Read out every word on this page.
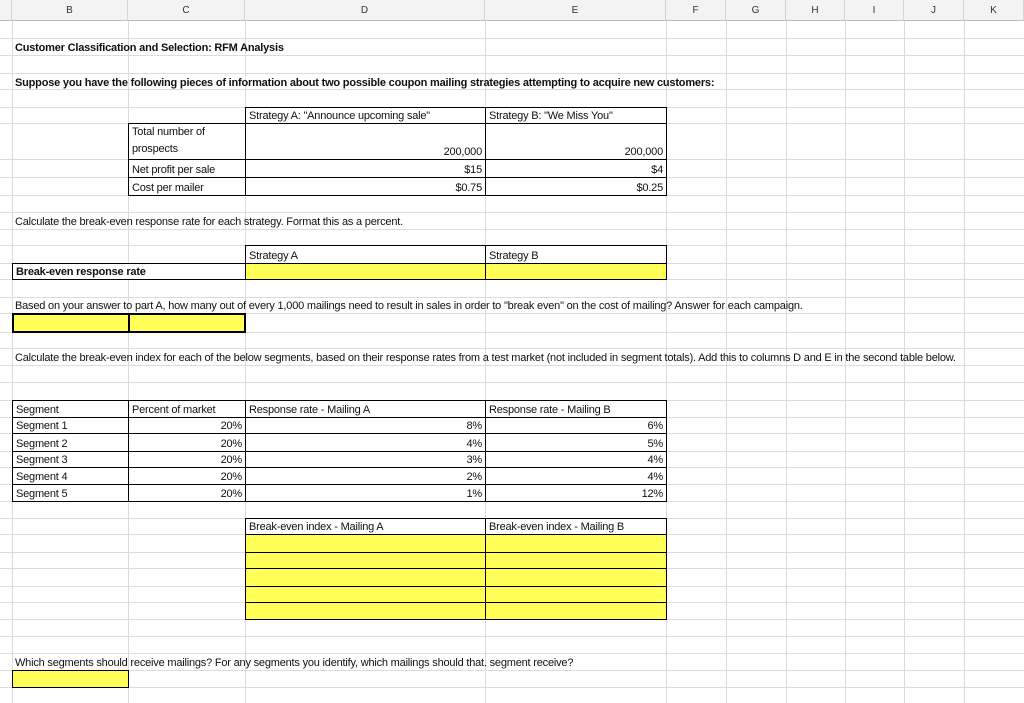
B	C	D	E	F	G	H	I	J	K
Customer Classification and Selection: RFM Analysis
Suppose you have the following pieces of information about two possible coupon mailing strategies attempting to acquire new customers:
Strategy A: "Announce upcoming sale"	Strategy B: "We Miss You"
Total number of
prospects	200,000	200,000
Net profit per sale	$15	$4
Cost per mailer	$0.75	$0.25
Calculate the break-even response rate for each strategy. Format this as a percent.
Strategy A	Strategy B
Break-even response rate
Based on your answer to part A, how many out of every 1,000 mailings need to result in sales in order to "break even" on the cost of mailing? Answer for each campaign.
Calculate the break-even index for each of the below segments, based on their response rates from a test market (not included in segment totals). Add this to columns D and E in the second table below.
Segment	Percent of market	Response rate - Mailing A	Response rate - Mailing B
Segment 1	20%	8%	6%
Segment 2	20%	4%	5%
Segment 3	20%	3%	4%
Segment 4	20%	2%	4%
Segment 5	20%	1%	12%
Break-even index - Mailing A	Break-even index - Mailing B
Which segments should receive mailings? For any segments you identify, which mailings should that. segment receive?
